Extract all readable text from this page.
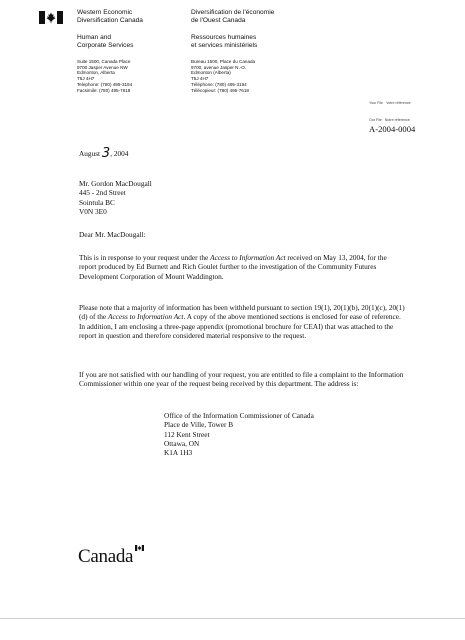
Western Economic
Diversification Canada
Human and
Corporate Services
Suite 1500, Canada Place
9700 Jasper Avenue NW
Edmonton, Alberta
T5J 4H7
Telephone: (780) 495-3194
Facsimile: (780) 495-7618
Diversification de l'économie
de l'Ouest Canada
Ressources humaines
et services ministériels
Bureau 1500, Place du Canada
9700, avenue Jasper N.-O.
Edmonton (Alberta)
T5J 4H7
Téléphone: (780) 495-3194
Télécopieur: (780) 495-7618
Your File Votre référence
Our File Notre référence
A-2004-0004
August 3, 2004
Mr. Gordon MacDougall
445 - 2nd Street
Sointula BC
V0N 3E0
Dear Mr. MacDougall:

This is in response to your request under the Access to Information Act received on May 13, 2004, for the report produced by Ed Burnett and Rich Goulet further to the investigation of the Community Futures Development Corporation of Mount Waddington.

Please note that a majority of information has been withheld pursuant to section 19(1), 20(1)(b), 20(1)(c), 20(1)(d) of the Access to Information Act. A copy of the above mentioned sections is enclosed for ease of reference. In addition, I am enclosing a three-page appendix (promotional brochure for CEAI) that was attached to the report in question and therefore considered material responsive to the request.

If you are not satisfied with our handling of your request, you are entitled to file a complaint to the Information Commissioner within one year of the request being received by this department. The address is:

Office of the Information Commissioner of Canada
Place de Ville, Tower B
112 Kent Street
Ottawa, ON
K1A 1H3
Canada
